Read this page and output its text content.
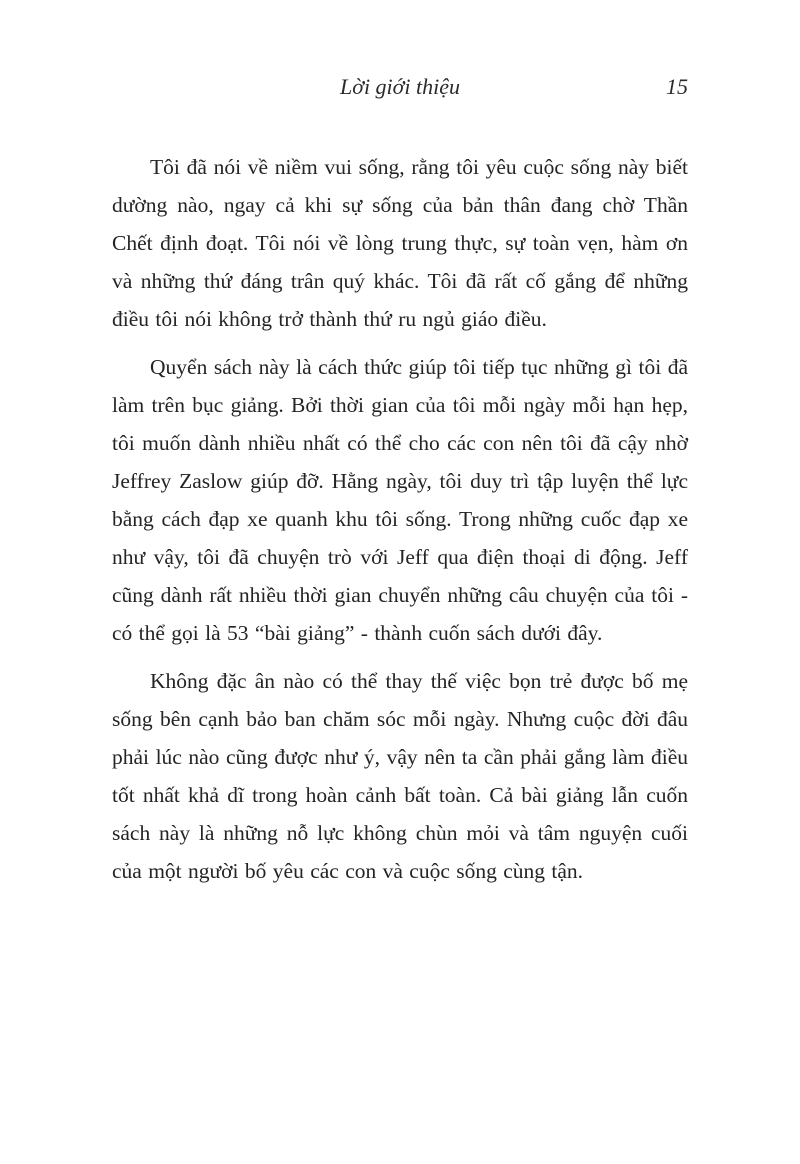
Lời giới thiệu	15

Tôi đã nói về niềm vui sống, rằng tôi yêu cuộc sống này biết dường nào, ngay cả khi sự sống của bản thân đang chờ Thần Chết định đoạt. Tôi nói về lòng trung thực, sự toàn vẹn, hàm ơn và những thứ đáng trân quý khác. Tôi đã rất cố gắng để những điều tôi nói không trở thành thứ ru ngủ giáo điều.

Quyển sách này là cách thức giúp tôi tiếp tục những gì tôi đã làm trên bục giảng. Bởi thời gian của tôi mỗi ngày mỗi hạn hẹp, tôi muốn dành nhiều nhất có thể cho các con nên tôi đã cậy nhờ Jeffrey Zaslow giúp đỡ. Hằng ngày, tôi duy trì tập luyện thể lực bằng cách đạp xe quanh khu tôi sống. Trong những cuốc đạp xe như vậy, tôi đã chuyện trò với Jeff qua điện thoại di động. Jeff cũng dành rất nhiều thời gian chuyển những câu chuyện của tôi - có thể gọi là 53 “bài giảng” - thành cuốn sách dưới đây.

Không đặc ân nào có thể thay thế việc bọn trẻ được bố mẹ sống bên cạnh bảo ban chăm sóc mỗi ngày. Nhưng cuộc đời đâu phải lúc nào cũng được như ý, vậy nên ta cần phải gắng làm điều tốt nhất khả dĩ trong hoàn cảnh bất toàn. Cả bài giảng lẫn cuốn sách này là những nỗ lực không chùn mỏi và tâm nguyện cuối của một người bố yêu các con và cuộc sống cùng tận.
